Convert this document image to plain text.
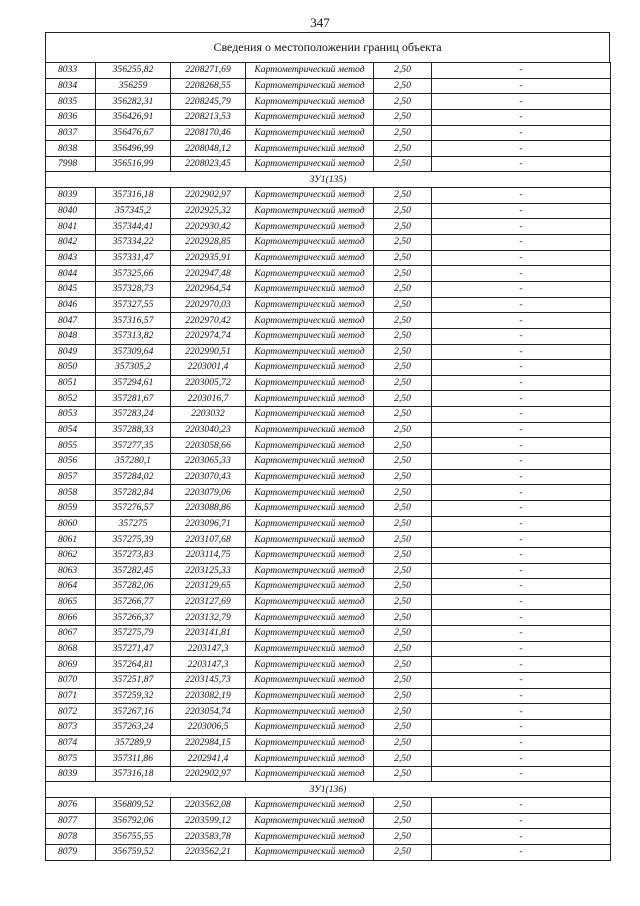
347
Сведения о местоположении границ объекта
8033	356255,82	2208271,69	Картометрический метод	2,50	-
8034	356259	2208268,55	Картометрический метод	2,50	-
8035	356282,31	2208245,79	Картометрический метод	2,50	-
8036	356426,91	2208213,53	Картометрический метод	2,50	-
8037	356476,67	2208170,46	Картометрический метод	2,50	-
8038	356496,99	2208048,12	Картометрический метод	2,50	-
7998	356516,99	2208023,45	Картометрический метод	2,50	-
ЗУ1(135)					
8039	357316,18	2202902,97	Картометрический метод	2,50	-
8040	357345,2	2202925,32	Картометрический метод	2,50	-
8041	357344,41	2202930,42	Картометрический метод	2,50	-
8042	357334,22	2202928,85	Картометрический метод	2,50	-
8043	357331,47	2202935,91	Картометрический метод	2,50	-
8044	357325,66	2202947,48	Картометрический метод	2,50	-
8045	357328,73	2202964,54	Картометрический метод	2,50	-
8046	357327,55	2202970,03	Картометрический метод	2,50	-
8047	357316,57	2202970,42	Картометрический метод	2,50	-
8048	357313,82	2202974,74	Картометрический метод	2,50	-
8049	357309,64	2202990,51	Картометрический метод	2,50	-
8050	357305,2	2203001,4	Картометрический метод	2,50	-
8051	357294,61	2203005,72	Картометрический метод	2,50	-
8052	357281,67	2203016,7	Картометрический метод	2,50	-
8053	357283,24	2203032	Картометрический метод	2,50	-
8054	357288,33	2203040,23	Картометрический метод	2,50	-
8055	357277,35	2203058,66	Картометрический метод	2,50	-
8056	357280,1	2203065,33	Картометрический метод	2,50	-
8057	357284,02	2203070,43	Картометрический метод	2,50	-
8058	357282,84	2203079,06	Картометрический метод	2,50	-
8059	357276,57	2203088,86	Картометрический метод	2,50	-
8060	357275	2203096,71	Картометрический метод	2,50	-
8061	357275,39	2203107,68	Картометрический метод	2,50	-
8062	357273,83	2203114,75	Картометрический метод	2,50	-
8063	357282,45	2203125,33	Картометрический метод	2,50	-
8064	357282,06	2203129,65	Картометрический метод	2,50	-
8065	357266,77	2203127,69	Картометрический метод	2,50	-
8066	357266,37	2203132,79	Картометрический метод	2,50	-
8067	357275,79	2203141,81	Картометрический метод	2,50	-
8068	357271,47	2203147,3	Картометрический метод	2,50	-
8069	357264,81	2203147,3	Картометрический метод	2,50	-
8070	357251,87	2203145,73	Картометрический метод	2,50	-
8071	357259,32	2203082,19	Картометрический метод	2,50	-
8072	357267,16	2203054,74	Картометрический метод	2,50	-
8073	357263,24	2203006,5	Картометрический метод	2,50	-
8074	357289,9	2202984,15	Картометрический метод	2,50	-
8075	357311,86	2202941,4	Картометрический метод	2,50	-
8039	357316,18	2202902,97	Картометрический метод	2,50	-
ЗУ1(136)					
8076	356809,52	2203562,08	Картометрический метод	2,50	-
8077	356792,06	2203599,12	Картометрический метод	2,50	-
8078	356755,55	2203583,78	Картометрический метод	2,50	-
8079	356759,52	2203562,21	Картометрический метод	2,50	-
